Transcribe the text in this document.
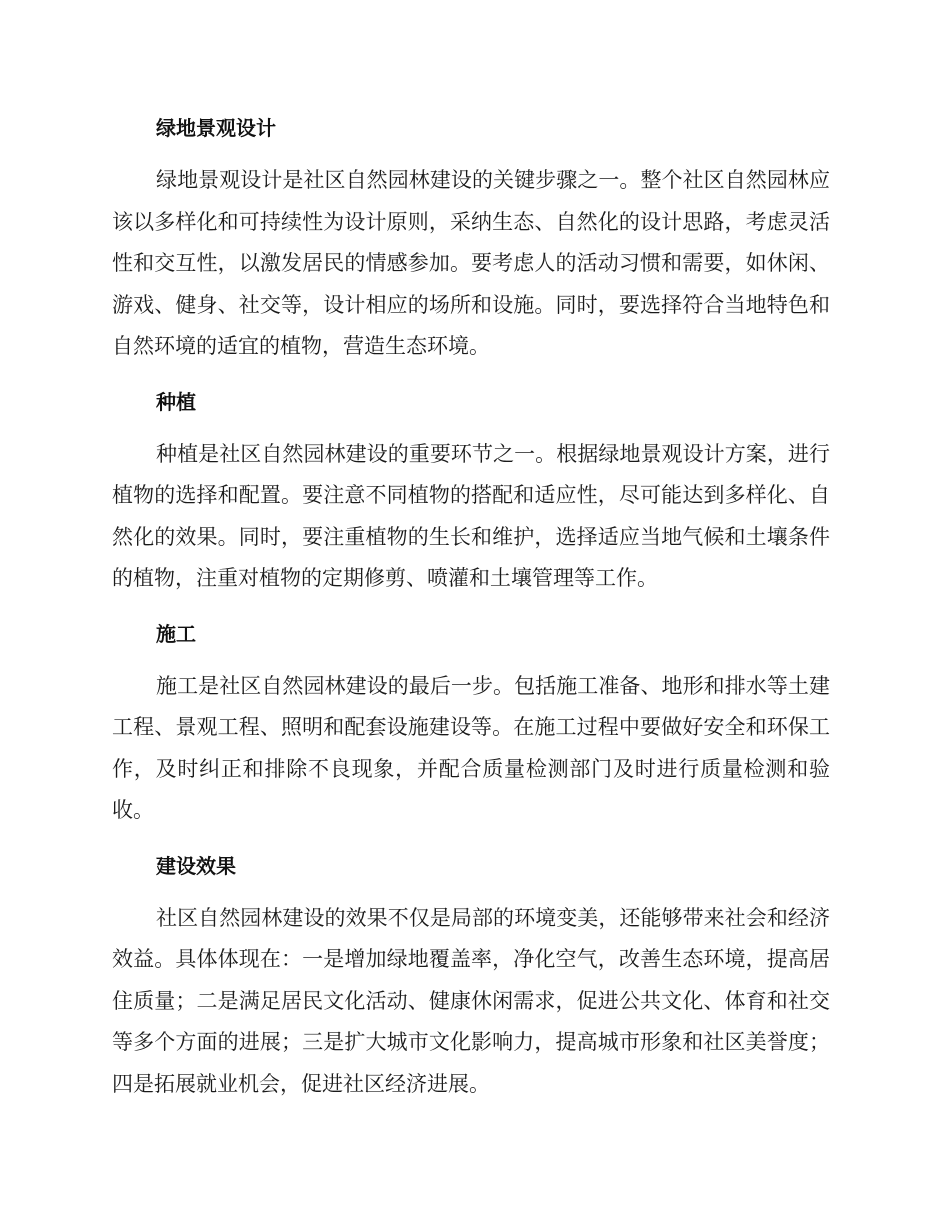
绿地景观设计

绿地景观设计是社区自然园林建设的关键步骤之一。整个社区自然园林应该以多样化和可持续性为设计原则，采纳生态、自然化的设计思路，考虑灵活性和交互性，以激发居民的情感参加。要考虑人的活动习惯和需要，如休闲、游戏、健身、社交等，设计相应的场所和设施。同时，要选择符合当地特色和自然环境的适宜的植物，营造生态环境。

种植

种植是社区自然园林建设的重要环节之一。根据绿地景观设计方案，进行植物的选择和配置。要注意不同植物的搭配和适应性，尽可能达到多样化、自然化的效果。同时，要注重植物的生长和维护，选择适应当地气候和土壤条件的植物，注重对植物的定期修剪、喷灌和土壤管理等工作。

施工

施工是社区自然园林建设的最后一步。包括施工准备、地形和排水等土建工程、景观工程、照明和配套设施建设等。在施工过程中要做好安全和环保工作，及时纠正和排除不良现象，并配合质量检测部门及时进行质量检测和验收。

建设效果

社区自然园林建设的效果不仅是局部的环境变美，还能够带来社会和经济效益。具体体现在：一是增加绿地覆盖率，净化空气，改善生态环境，提高居住质量；二是满足居民文化活动、健康休闲需求，促进公共文化、体育和社交等多个方面的进展；三是扩大城市文化影响力，提高城市形象和社区美誉度；四是拓展就业机会，促进社区经济进展。
